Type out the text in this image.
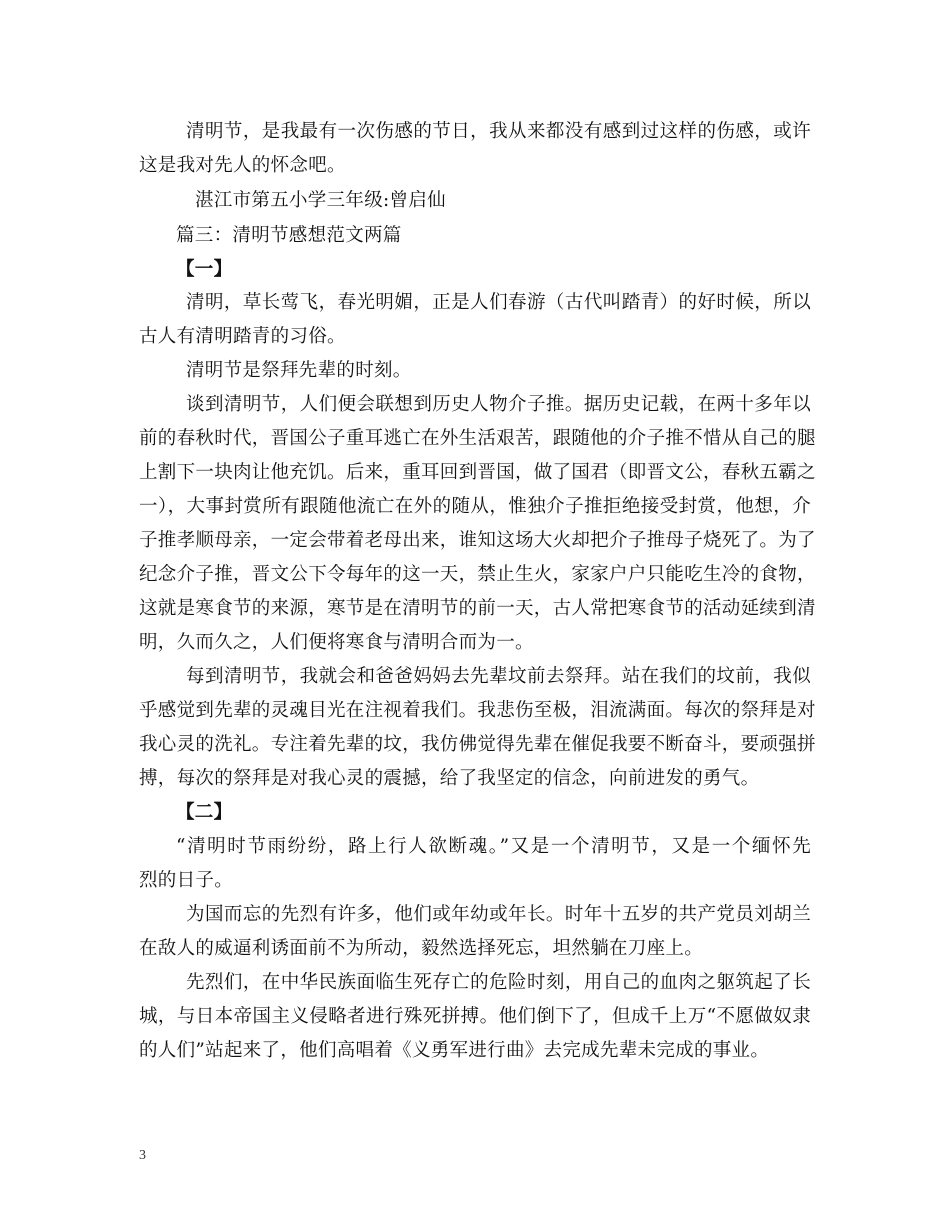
清明节，是我最有一次伤感的节日，我从来都没有感到过这样的伤感，或许
这是我对先人的怀念吧。
湛江市第五小学三年级:曾启仙
篇三：清明节感想范文两篇
【一】
清明，草长莺飞，春光明媚，正是人们春游（古代叫踏青）的好时候，所以
古人有清明踏青的习俗。
清明节是祭拜先辈的时刻。
谈到清明节，人们便会联想到历史人物介子推。据历史记载，在两十多年以
前的春秋时代，晋国公子重耳逃亡在外生活艰苦，跟随他的介子推不惜从自己的腿
上割下一块肉让他充饥。后来，重耳回到晋国，做了国君（即晋文公，春秋五霸之
一），大事封赏所有跟随他流亡在外的随从，惟独介子推拒绝接受封赏，他想，介
子推孝顺母亲，一定会带着老母出来，谁知这场大火却把介子推母子烧死了。为了
纪念介子推，晋文公下令每年的这一天，禁止生火，家家户户只能吃生冷的食物，
这就是寒食节的来源，寒节是在清明节的前一天，古人常把寒食节的活动延续到清
明，久而久之，人们便将寒食与清明合而为一。
每到清明节，我就会和爸爸妈妈去先辈坟前去祭拜。站在我们的坟前，我似
乎感觉到先辈的灵魂目光在注视着我们。我悲伤至极，泪流满面。每次的祭拜是对
我心灵的洗礼。专注着先辈的坟，我仿佛觉得先辈在催促我要不断奋斗，要顽强拼
搏，每次的祭拜是对我心灵的震撼，给了我坚定的信念，向前进发的勇气。
【二】
“清明时节雨纷纷，路上行人欲断魂。”又是一个清明节，又是一个缅怀先
烈的日子。
为国而忘的先烈有许多，他们或年幼或年长。时年十五岁的共产党员刘胡兰
在敌人的威逼利诱面前不为所动，毅然选择死忘，坦然躺在刀座上。
先烈们，在中华民族面临生死存亡的危险时刻，用自己的血肉之躯筑起了长
城，与日本帝国主义侵略者进行殊死拼搏。他们倒下了，但成千上万“不愿做奴隶
的人们”站起来了，他们高唱着《义勇军进行曲》去完成先辈未完成的事业。
3
